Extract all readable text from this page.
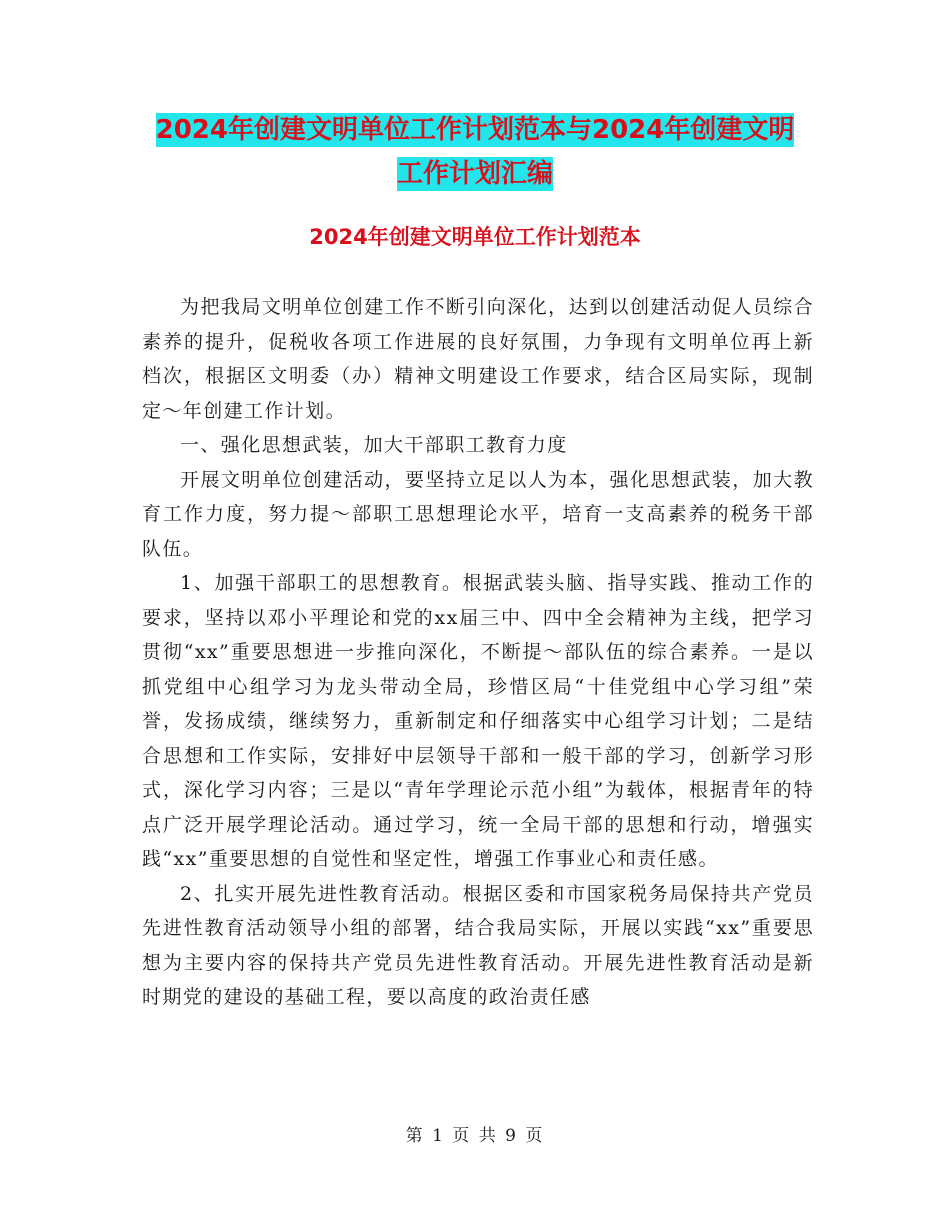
2024年创建文明单位工作计划范本与2024年创建文明
工作计划汇编
2024年创建文明单位工作计划范本

为把我局文明单位创建工作不断引向深化，达到以创建活动促人员综合素养的提升，促税收各项工作进展的良好氛围，力争现有文明单位再上新档次，根据区文明委（办）精神文明建设工作要求，结合区局实际，现制定～年创建工作计划。

一、强化思想武装，加大干部职工教育力度

开展文明单位创建活动，要坚持立足以人为本，强化思想武装，加大教育工作力度，努力提～部职工思想理论水平，培育一支高素养的税务干部队伍。

1、加强干部职工的思想教育。根据武装头脑、指导实践、推动工作的要求，坚持以邓小平理论和党的xx届三中、四中全会精神为主线，把学习贯彻“xx”重要思想进一步推向深化，不断提～部队伍的综合素养。一是以抓党组中心组学习为龙头带动全局，珍惜区局“十佳党组中心学习组”荣誉，发扬成绩，继续努力，重新制定和仔细落实中心组学习计划；二是结合思想和工作实际，安排好中层领导干部和一般干部的学习，创新学习形式，深化学习内容；三是以“青年学理论示范小组”为载体，根据青年的特点广泛开展学理论活动。通过学习，统一全局干部的思想和行动，增强实践“xx”重要思想的自觉性和坚定性，增强工作事业心和责任感。

2、扎实开展先进性教育活动。根据区委和市国家税务局保持共产党员先进性教育活动领导小组的部署，结合我局实际，开展以实践“xx”重要思想为主要内容的保持共产党员先进性教育活动。开展先进性教育活动是新时期党的建设的基础工程，要以高度的政治责任感

第 1 页 共 9 页
